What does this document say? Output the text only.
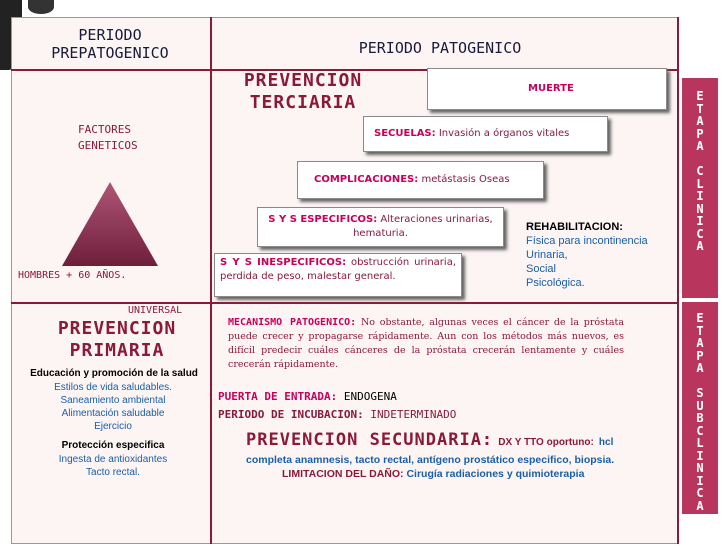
PERIODO PREPATOGENICO	PERIODO PATOGENICO
FACTORES GENETICOS
HOMBRES + 60 AÑOS.
UNIVERSAL
PREVENCION PRIMARIA
Educación y promoción de la salud
Estilos de vida saludables.
Saneamiento ambiental
Alimentación saludable
Ejercicio
Protección especifica
Ingesta de antioxidantes
Tacto rectal.
PREVENCION TERCIARIA
MUERTE
SECUELAS: Invasión a órganos vitales
COMPLICACIONES: metástasis Oseas
S Y S ESPECIFICOS: Alteraciones urinarias, hematuria.
S Y S INESPECIFICOS: obstrucción urinaria, perdida de peso, malestar general.
REHABILITACION:
Física para incontinencia Urinaria,
Social
Psicológica.
MECANISMO PATOGENICO: No obstante, algunas veces el cáncer de la próstata puede crecer y propagarse rápidamente. Aun con los métodos más nuevos, es difícil predecir cuáles cánceres de la próstata crecerán lentamente y cuáles crecerán rápidamente.
PUERTA DE ENTRADA: ENDOGENA
PERIODO DE INCUBACION: INDETERMINADO
PREVENCION SECUNDARIA: DX Y TTO oportuno: hcl
completa anamnesis, tacto rectal, antígeno prostático especifico, biopsia.
LIMITACION DEL DAÑO: Cirugía radiaciones y quimioterapia
E​T​A​P​A

C​L​I​N​I​C​A
E​T​A​P​A

S​U​B​C​L​I​N​I​C​A
